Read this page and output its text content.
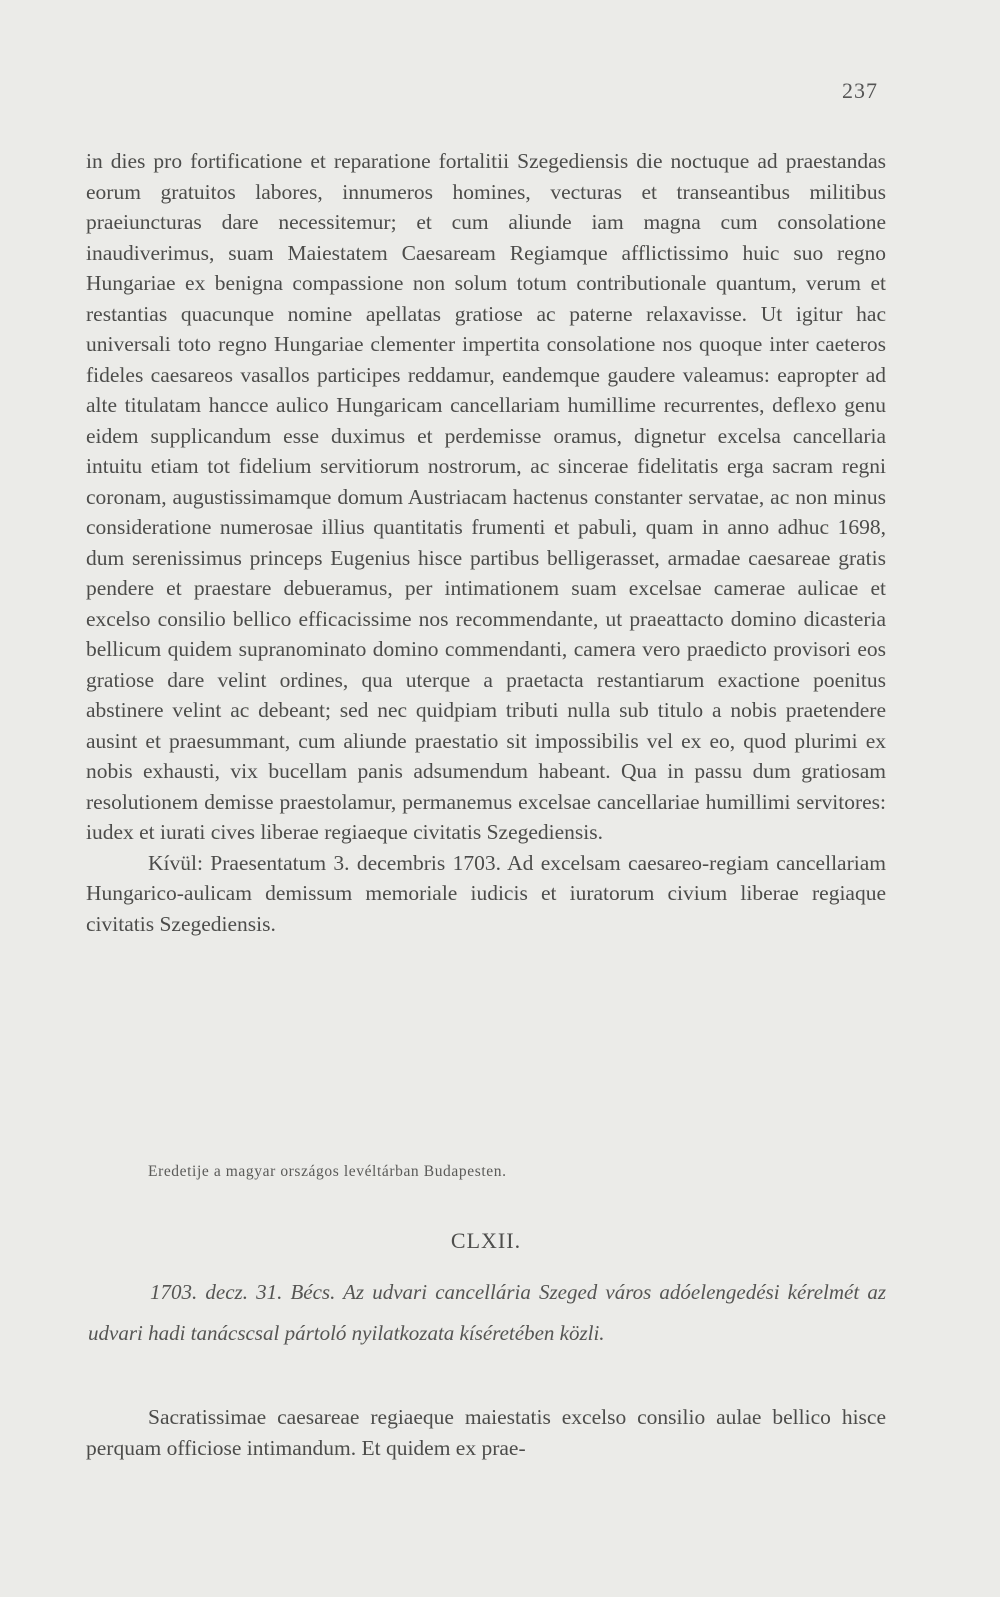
237

in dies pro fortificatione et reparatione fortalitii Szegediensis die noctuque ad praestandas eorum gratuitos labores, innumeros homines, vecturas et transeantibus militibus praeiuncturas dare necessitemur; et cum aliunde iam magna cum consolatione inaudiverimus, suam Maiestatem Caesaream Regiamque afflictissimo huic suo regno Hungariae ex benigna compassione non solum totum contributionale quantum, verum et restantias quacunque nomine apellatas gratiose ac paterne relaxavisse. Ut igitur hac universali toto regno Hungariae clementer impertita consolatione nos quoque inter caeteros fideles caesareos vasallos participes reddamur, eandemque gaudere valeamus: eapropter ad alte titulatam hancce aulico Hungaricam cancellariam humillime recurrentes, deflexo genu eidem supplicandum esse duximus et perdemisse oramus, dignetur excelsa cancellaria intuitu etiam tot fidelium servitiorum nostrorum, ac sincerae fidelitatis erga sacram regni coronam, augustissimamque domum Austriacam hactenus constanter servatae, ac non minus consideratione numerosae illius quantitatis frumenti et pabuli, quam in anno adhuc 1698, dum serenissimus princeps Eugenius hisce partibus belligerasset, armadae caesareae gratis pendere et praestare debueramus, per intimationem suam excelsae camerae aulicae et excelso consilio bellico efficacissime nos recommendante, ut praeattacto domino dicasteria bellicum quidem supranominato domino commendanti, camera vero praedicto provisori eos gratiose dare velint ordines, qua uterque a praetacta restantiarum exactione poenitus abstinere velint ac debeant; sed nec quidpiam tributi nulla sub titulo a nobis praetendere ausint et praesummant, cum aliunde praestatio sit impossibilis vel ex eo, quod plurimi ex nobis exhausti, vix bucellam panis adsumendum habeant. Qua in passu dum gratiosam resolutionem demisse praestolamur, permanemus excelsae cancellariae humillimi servitores: iudex et iurati cives liberae regiaeque civitatis Szegediensis.

Kívül: Praesentatum 3. decembris 1703. Ad excelsam caesareo-regiam cancellariam Hungarico-aulicam demissum memoriale iudicis et iuratorum civium liberae regiaque civitatis Szegediensis.

Eredetije a magyar országos levéltárban Budapesten.
CLXII.
1703. decz. 31. Bécs. Az udvari cancellária Szeged város adóelengedési kérelmét az udvari hadi tanácscsal pártoló nyilatkozata kíséretében közli.
Sacratissimae caesareae regiaeque maiestatis excelso consilio aulae bellico hisce perquam officiose intimandum. Et quidem ex prae-
